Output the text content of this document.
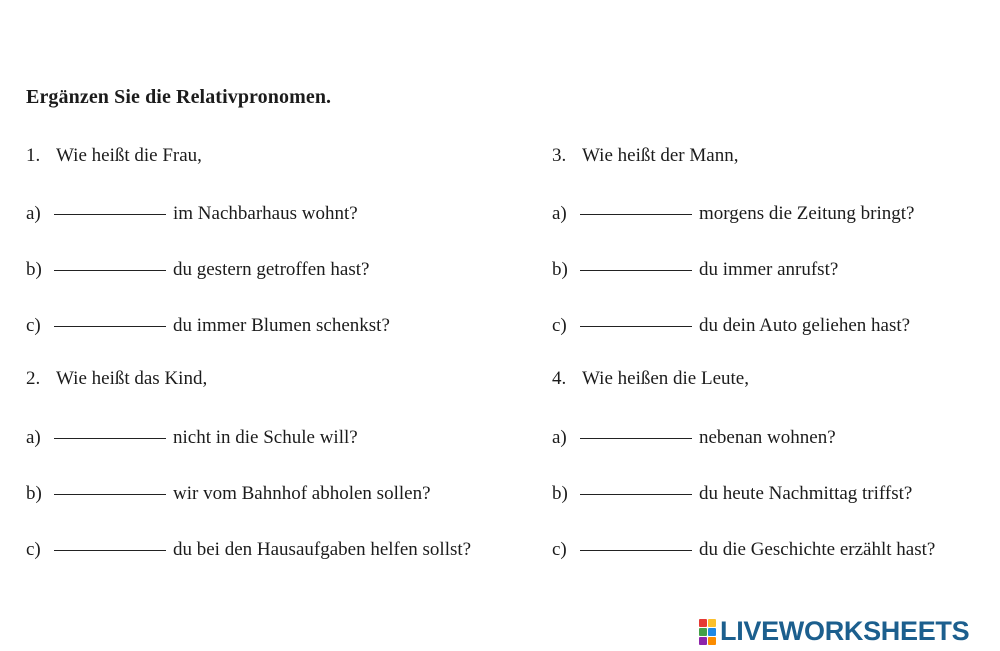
Ergänzen Sie die Relativpronomen.
1. Wie heißt die Frau,
a)	im Nachbarhaus wohnt?
b)	du gestern getroffen hast?
c)	du immer Blumen schenkst?
2. Wie heißt das Kind,
a)	nicht in die Schule will?
b)	wir vom Bahnhof abholen sollen?
c)	du bei den Hausaufgaben helfen sollst?
3. Wie heißt der Mann,
a)	morgens die Zeitung bringt?
b)	du immer anrufst?
c)	du dein Auto geliehen hast?
4. Wie heißen die Leute,
a)	nebenan wohnen?
b)	du heute Nachmittag triffst?
c)	du die Geschichte erzählt hast?
LIVEWORKSHEETS
